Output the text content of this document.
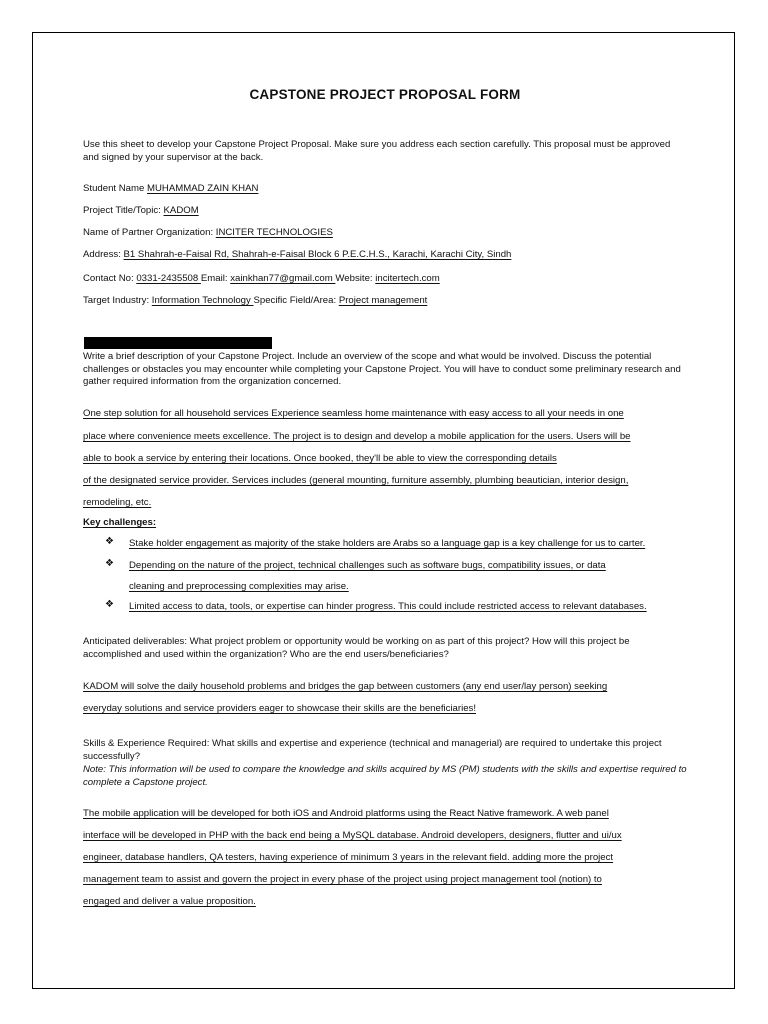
CAPSTONE PROJECT PROPOSAL FORM
Use this sheet to develop your Capstone Project Proposal. Make sure you address each section carefully. This proposal must be approved and signed by your supervisor at the back.
Student Name MUHAMMAD ZAIN KHAN
Project Title/Topic: KADOM
Name of Partner Organization: INCITER TECHNOLOGIES
Address: B1 Shahrah-e-Faisal Rd, Shahrah-e-Faisal Block 6 P.E.C.H.S., Karachi, Karachi City, Sindh
Contact No: 0331-2435508 Email: xainkhan77@gmail.com Website: incitertech.com
Target Industry: Information Technology Specific Field/Area: Project management
Write a brief description of your Capstone Project. Include an overview of the scope and what would be involved. Discuss the potential challenges or obstacles you may encounter while completing your Capstone Project. You will have to conduct some preliminary research and gather required information from the organization concerned.
One step solution for all household services Experience seamless home maintenance with easy access to all your needs in one
place where convenience meets excellence. The project is to design and develop a mobile application for the users. Users will be
able to book a service by entering their locations. Once booked, they'll be able to view the corresponding details
of the designated service provider. Services includes (general mounting, furniture assembly, plumbing beautician, interior design,
remodeling, etc.
Key challenges:
❖ Stake holder engagement as majority of the stake holders are Arabs so a language gap is a key challenge for us to carter.
❖ Depending on the nature of the project, technical challenges such as software bugs, compatibility issues, or data
cleaning and preprocessing complexities may arise.
❖ Limited access to data, tools, or expertise can hinder progress. This could include restricted access to relevant databases.
Anticipated deliverables: What project problem or opportunity would be working on as part of this project? How will this project be accomplished and used within the organization? Who are the end users/beneficiaries?
KADOM will solve the daily household problems and bridges the gap between customers (any end user/lay person) seeking
everyday solutions and service providers eager to showcase their skills are the beneficiaries!
Skills & Experience Required: What skills and expertise and experience (technical and managerial) are required to undertake this project successfully?
Note: This information will be used to compare the knowledge and skills acquired by MS (PM) students with the skills and expertise required to complete a Capstone project.
The mobile application will be developed for both iOS and Android platforms using the React Native framework. A web panel
interface will be developed in PHP with the back end being a MySQL database. Android developers, designers, flutter and ui/ux
engineer, database handlers, QA testers, having experience of minimum 3 years in the relevant field. adding more the project
management team to assist and govern the project in every phase of the project using project management tool (notion) to
engaged and deliver a value proposition.
